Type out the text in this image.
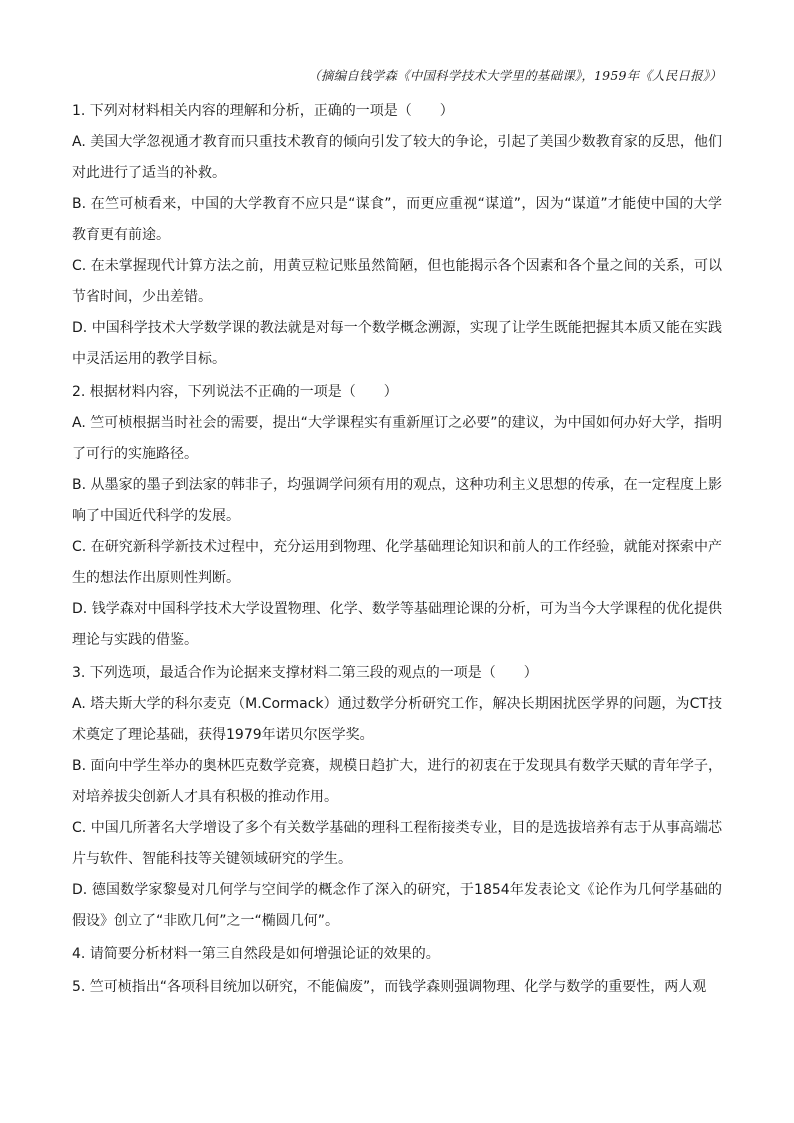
（摘编自钱学森《中国科学技术大学里的基础课》，1959年《人民日报》）

1. 下列对材料相关内容的理解和分析，正确的一项是（　　）

A. 美国大学忽视通才教育而只重技术教育的倾向引发了较大的争论，引起了美国少数教育家的反思，他们对此进行了适当的补救。

B. 在竺可桢看来，中国的大学教育不应只是“谋食”，而更应重视“谋道”，因为“谋道”才能使中国的大学教育更有前途。

C. 在未掌握现代计算方法之前，用黄豆粒记账虽然简陋，但也能揭示各个因素和各个量之间的关系，可以节省时间，少出差错。

D. 中国科学技术大学数学课的教法就是对每一个数学概念溯源，实现了让学生既能把握其本质又能在实践中灵活运用的教学目标。

2. 根据材料内容，下列说法不正确的一项是（　　）

A. 竺可桢根据当时社会的需要，提出“大学课程实有重新厘订之必要”的建议，为中国如何办好大学，指明了可行的实施路径。

B. 从墨家的墨子到法家的韩非子，均强调学问须有用的观点，这种功利主义思想的传承，在一定程度上影响了中国近代科学的发展。

C. 在研究新科学新技术过程中，充分运用到物理、化学基础理论知识和前人的工作经验，就能对探索中产生的想法作出原则性判断。

D. 钱学森对中国科学技术大学设置物理、化学、数学等基础理论课的分析，可为当今大学课程的优化提供理论与实践的借鉴。

3. 下列选项，最适合作为论据来支撑材料二第三段的观点的一项是（　　）

A. 塔夫斯大学的科尔麦克（M.Cormack）通过数学分析研究工作，解决长期困扰医学界的问题，为CT技术奠定了理论基础，获得1979年诺贝尔医学奖。

B. 面向中学生举办的奥林匹克数学竞赛，规模日趋扩大，进行的初衷在于发现具有数学天赋的青年学子，对培养拔尖创新人才具有积极的推动作用。

C. 中国几所著名大学增设了多个有关数学基础的理科工程衔接类专业，目的是选拔培养有志于从事高端芯片与软件、智能科技等关键领域研究的学生。

D. 德国数学家黎曼对几何学与空间学的概念作了深入的研究，于1854年发表论文《论作为几何学基础的假设》创立了“非欧几何”之一“椭圆几何”。

4. 请简要分析材料一第三自然段是如何增强论证的效果的。

5. 竺可桢指出“各项科目统加以研究，不能偏废”，而钱学森则强调物理、化学与数学的重要性，两人观
